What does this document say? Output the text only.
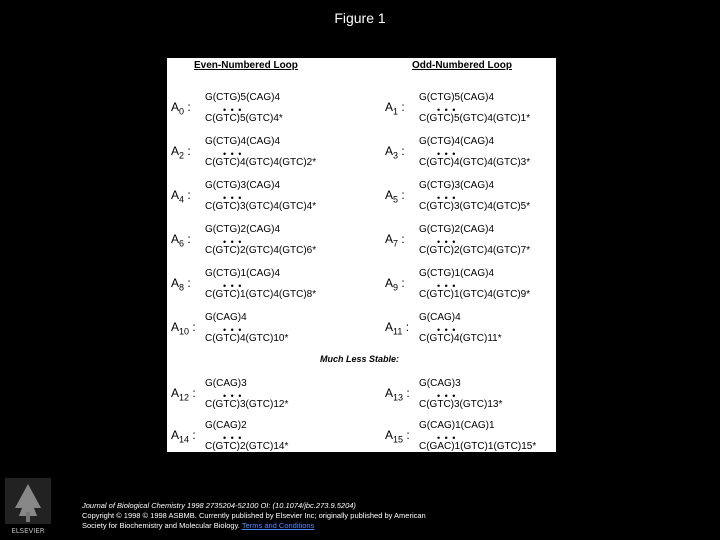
Figure 1
Even-Numbered Loop	Odd-Numbered Loop
$A_0$ :
G(CTG)5(CAG)4
• • •
C(GTC)5(GTC)4*
$A_2$ :
G(CTG)4(CAG)4
• • •
C(GTC)4(GTC)4(GTC)2*
$A_4$ :
G(CTG)3(CAG)4
• • •
C(GTC)3(GTC)4(GTC)4*
$A_6$ :
G(CTG)2(CAG)4
• • •
C(GTC)2(GTC)4(GTC)6*
$A_8$ :
G(CTG)1(CAG)4
• • •
C(GTC)1(GTC)4(GTC)8*
$A_{10}$ :
G(CAG)4
• • •
C(GTC)4(GTC)10*
$A_{12}$ :
G(CAG)3
• • •
C(GTC)3(GTC)12*
$A_{14}$ :
G(CAG)2
• • •
C(GTC)2(GTC)14*
$A_1$ :
G(CTG)5(CAG)4
• • •
C(GTC)5(GTC)4(GTC)1*
$A_3$ :
G(CTG)4(CAG)4
• • •
C(GTC)4(GTC)4(GTC)3*
$A_5$ :
G(CTG)3(CAG)4
• • •
C(GTC)3(GTC)4(GTC)5*
$A_7$ :
G(CTG)2(CAG)4
• • •
C(GTC)2(GTC)4(GTC)7*
$A_9$ :
G(CTG)1(CAG)4
• • •
C(GTC)1(GTC)4(GTC)9*
$A_{11}$ :
G(CAG)4
• • •
C(GTC)4(GTC)11*
$A_{13}$ :
G(CAG)3
• • •
C(GTC)3(GTC)13*
$A_{15}$ :
G(CAG)1(CAG)1
• • •
C(GAC)1(GTC)1(GTC)15*
Much Less Stable:
ELSEVIER
Journal of Biological Chemistry 1998 2735204-52100 OI: (10.1074/jbc.273.9.5204)
Copyright © 1998 © 1998 ASBMB. Currently published by Elsevier Inc; originally published by American
Society for Biochemistry and Molecular Biology. Terms and Conditions
